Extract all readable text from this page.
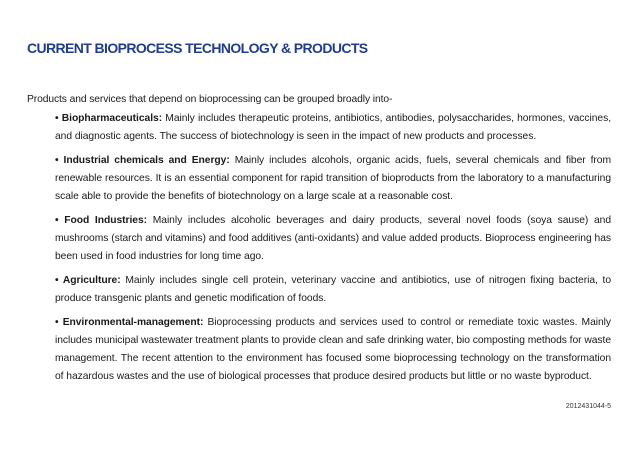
CURRENT BIOPROCESS TECHNOLOGY & PRODUCTS
Products and services that depend on bioprocessing can be grouped broadly into-

• Biopharmaceuticals: Mainly includes therapeutic proteins, antibiotics, antibodies, polysaccharides, hormones, vaccines, and diagnostic agents. The success of biotechnology is seen in the impact of new products and processes.

• Industrial chemicals and Energy: Mainly includes alcohols, organic acids, fuels, several chemicals and fiber from renewable resources. It is an essential component for rapid transition of bioproducts from the laboratory to a manufacturing scale able to provide the benefits of biotechnology on a large scale at a reasonable cost.

• Food Industries: Mainly includes alcoholic beverages and dairy products, several novel foods (soya sause) and mushrooms (starch and vitamins) and food additives (anti-oxidants) and value added products. Bioprocess engineering has been used in food industries for long time ago.

• Agriculture: Mainly includes single cell protein, veterinary vaccine and antibiotics, use of nitrogen fixing bacteria, to produce transgenic plants and genetic modification of foods.

• Environmental-management: Bioprocessing products and services used to control or remediate toxic wastes. Mainly includes municipal wastewater treatment plants to provide clean and safe drinking water, bio composting methods for waste management. The recent attention to the environment has focused some bioprocessing technology on the transformation of hazardous wastes and the use of biological processes that produce desired products but little or no waste byproduct.

2012431044-5
